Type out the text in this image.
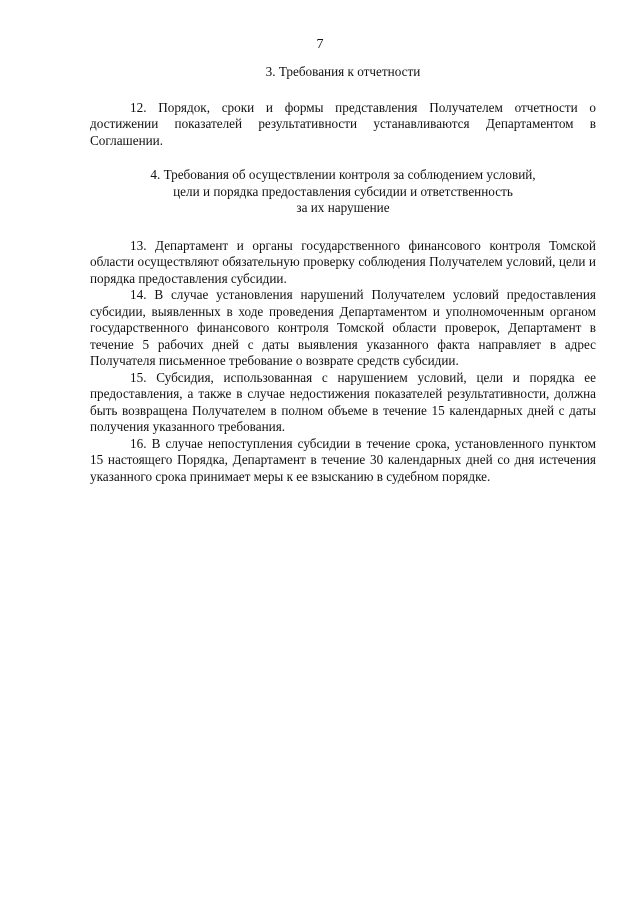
7

3. Требования к отчетности

12. Порядок, сроки и формы представления Получателем отчетности о достижении показателей результативности устанавливаются Департаментом в Соглашении.

4. Требования об осуществлении контроля за соблюдением условий,
цели и порядка предоставления субсидии и ответственность
за их нарушение

13. Департамент и органы государственного финансового контроля Томской области осуществляют обязательную проверку соблюдения Получателем условий, цели и порядка предоставления субсидии.

14. В случае установления нарушений Получателем условий предоставления субсидии, выявленных в ходе проведения Департаментом и уполномоченным органом государственного финансового контроля Томской области проверок, Департамент в течение 5 рабочих дней с даты выявления указанного факта направляет в адрес Получателя письменное требование о возврате средств субсидии.

15. Субсидия, использованная с нарушением условий, цели и порядка ее предоставления, а также в случае недостижения показателей результативности, должна быть возвращена Получателем в полном объеме в течение 15 календарных дней с даты получения указанного требования.

16. В случае непоступления субсидии в течение срока, установленного пунктом 15 настоящего Порядка, Департамент в течение 30 календарных дней со дня истечения указанного срока принимает меры к ее взысканию в судебном порядке.
